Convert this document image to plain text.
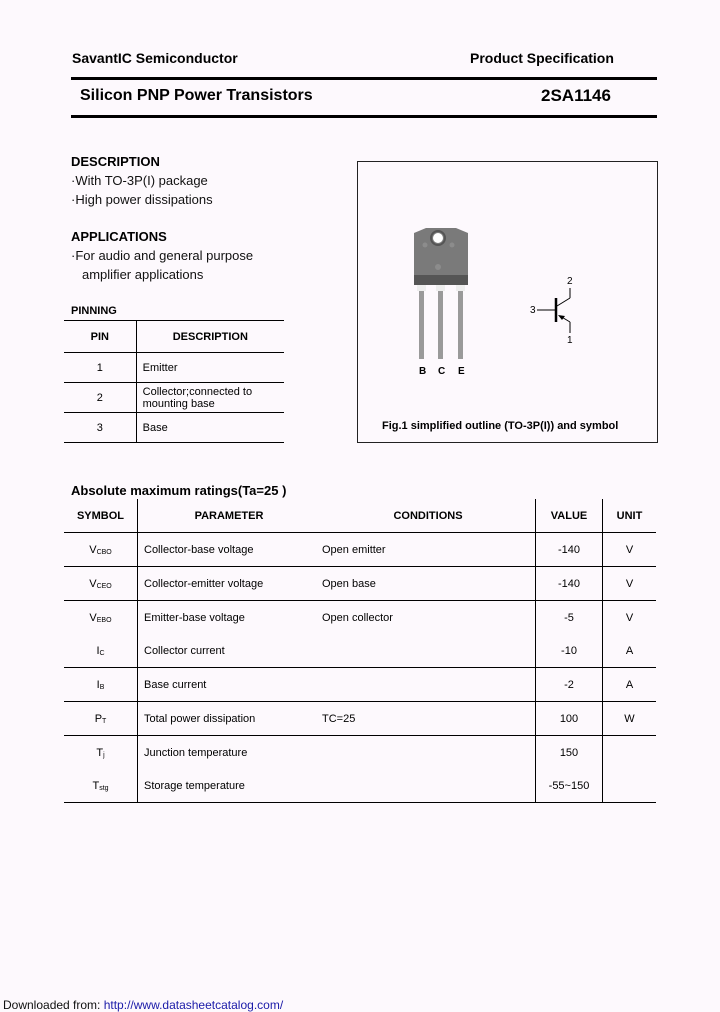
SavantIC Semiconductor	Product Specification
Silicon PNP Power Transistors	2SA1146
DESCRIPTION
·With TO-3P(I) package
·High power dissipations
APPLICATIONS
·For audio and general purpose
amplifier applications
PINNING
PIN	DESCRIPTION
1	Emitter
2	Collector;connected to mounting base
3	Base
B C E
2
3
1
Fig.1 simplified outline (TO-3P(I)) and symbol
Absolute maximum ratings(Ta=25 )
SYMBOL	PARAMETER	CONDITIONS	VALUE	UNIT
$V_{CBO}$	Collector-base voltage	Open emitter	-140	V
$V_{CEO}$	Collector-emitter voltage	Open base	-140	V
$V_{EBO}$	Emitter-base voltage	Open collector	-5	V
$I_C$	Collector current		-10	A
$I_B$	Base current		-2	A
$P_T$	Total power dissipation	TC=25	100	W
$T_j$	Junction temperature		150	
$T_{stg}$	Storage temperature		-55~150	
Downloaded from: http://www.datasheetcatalog.com/
